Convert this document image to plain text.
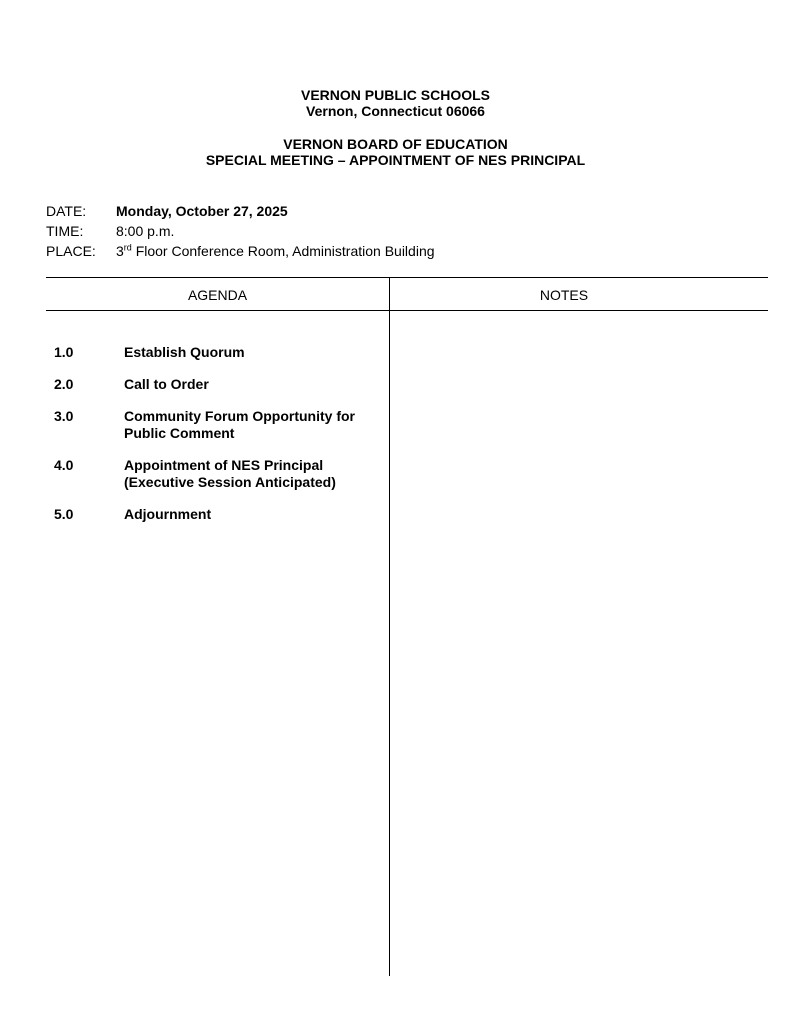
VERNON PUBLIC SCHOOLS
Vernon, Connecticut 06066
VERNON BOARD OF EDUCATION
SPECIAL MEETING – APPOINTMENT OF NES PRINCIPAL
DATE:	Monday, October 27, 2025
TIME:	8:00 p.m.
PLACE:	3rd Floor Conference Room, Administration Building
AGENDA	NOTES
1.0	Establish Quorum
2.0	Call to Order
3.0	Community Forum Opportunity for
Public Comment
4.0	Appointment of NES Principal
(Executive Session Anticipated)
5.0	Adjournment
